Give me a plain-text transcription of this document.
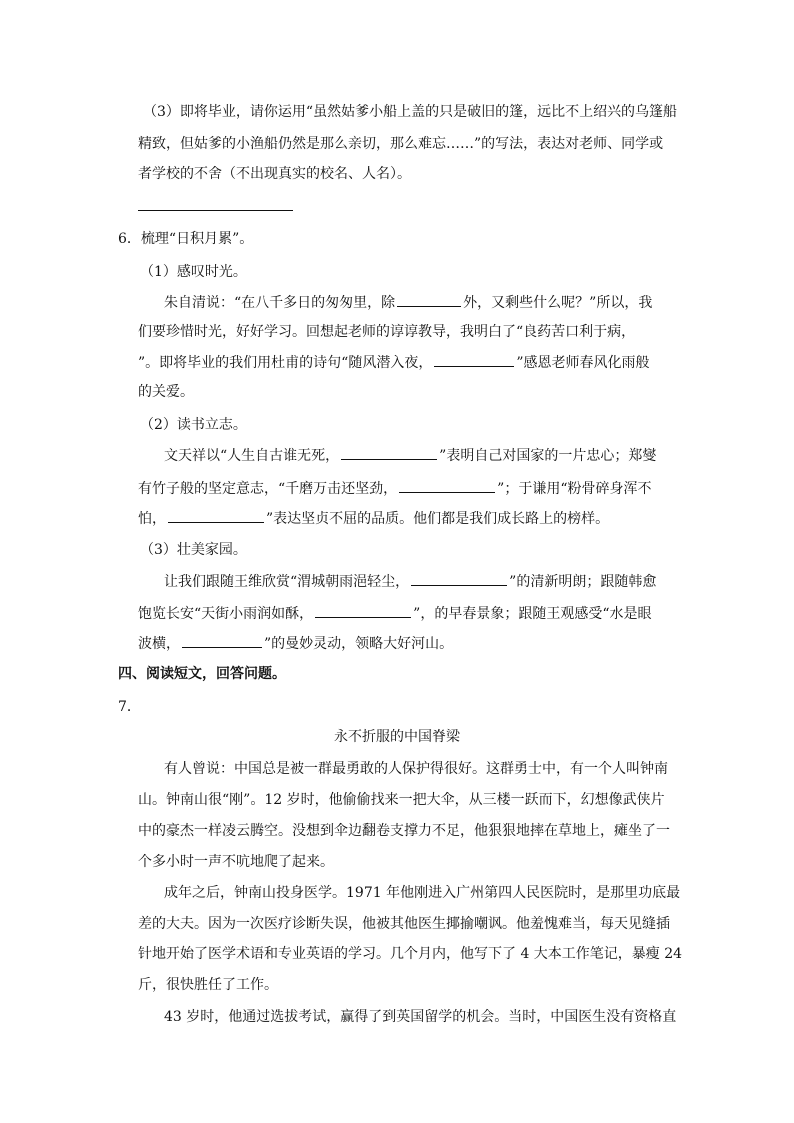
（3）即将毕业，请你运用“虽然姑爹小船上盖的只是破旧的篷，远比不上绍兴的乌篷船
精致，但姑爹的小渔船仍然是那么亲切，那么难忘……”的写法，表达对老师、同学或
者学校的不舍（不出现真实的校名、人名）。
6．梳理“日积月累”。
（1）感叹时光。
朱自清说：“在八千多日的匆匆里，除	外，又剩些什么呢？”所以，我
们要珍惜时光，好好学习。回想起老师的谆谆教导，我明白了“良药苦口利于病，
”。即将毕业的我们用杜甫的诗句“随风潜入夜，	”感恩老师春风化雨般
的关爱。
（2）读书立志。
文天祥以“人生自古谁无死，	”表明自己对国家的一片忠心；郑燮
有竹子般的坚定意志，“千磨万击还坚劲，	”；于谦用“粉骨碎身浑不
怕，	”表达坚贞不屈的品质。他们都是我们成长路上的榜样。
（3）壮美家园。
让我们跟随王维欣赏“渭城朝雨浥轻尘，	”的清新明朗；跟随韩愈
饱览长安“天街小雨润如酥，	”，的早春景象；跟随王观感受“水是眼
波横，	”的曼妙灵动，领略大好河山。
四、阅读短文，回答问题。
7．
永不折服的中国脊梁
有人曾说：中国总是被一群最勇敢的人保护得很好。这群勇士中，有一个人叫钟南
山。钟南山很“刚”。12 岁时，他偷偷找来一把大伞，从三楼一跃而下，幻想像武侠片
中的豪杰一样凌云腾空。没想到伞边翻卷支撑力不足，他狠狠地摔在草地上，瘫坐了一
个多小时一声不吭地爬了起来。
成年之后，钟南山投身医学。1971 年他刚进入广州第四人民医院时，是那里功底最
差的大夫。因为一次医疗诊断失误，他被其他医生揶揄嘲讽。他羞愧难当，每天见缝插
针地开始了医学术语和专业英语的学习。几个月内，他写下了 4 大本工作笔记，暴瘦 24
斤，很快胜任了工作。
43 岁时，他通过选拔考试，赢得了到英国留学的机会。当时，中国医生没有资格直
